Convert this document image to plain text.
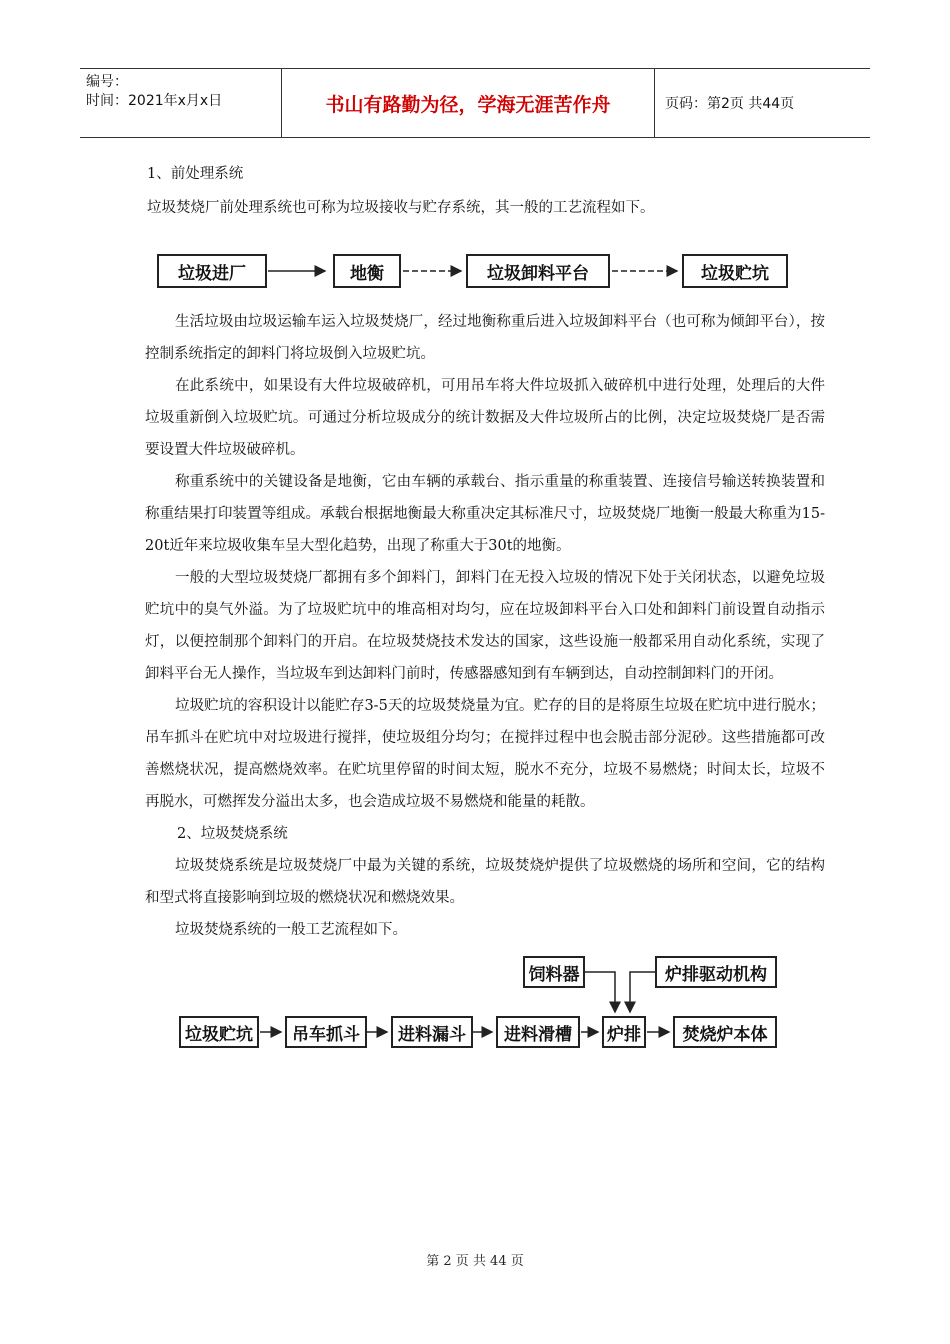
编号：
时间：2021年x月x日	书山有路勤为径，学海无涯苦作舟	页码：第2页 共44页

1、前处理系统

垃圾焚烧厂前处理系统也可称为垃圾接收与贮存系统，其一般的工艺流程如下。

垃圾进厂	地衡	垃圾卸料平台	垃圾贮坑

生活垃圾由垃圾运输车运入垃圾焚烧厂，经过地衡称重后进入垃圾卸料平台（也可称为倾卸平台），按控制系统指定的卸料门将垃圾倒入垃圾贮坑。

在此系统中，如果设有大件垃圾破碎机，可用吊车将大件垃圾抓入破碎机中进行处理，处理后的大件垃圾重新倒入垃圾贮坑。可通过分析垃圾成分的统计数据及大件垃圾所占的比例，决定垃圾焚烧厂是否需要设置大件垃圾破碎机。

称重系统中的关键设备是地衡，它由车辆的承载台、指示重量的称重装置、连接信号输送转换装置和称重结果打印装置等组成。承载台根据地衡最大称重决定其标准尺寸，垃圾焚烧厂地衡一般最大称重为15-20t近年来垃圾收集车呈大型化趋势，出现了称重大于30t的地衡。

一般的大型垃圾焚烧厂都拥有多个卸料门，卸料门在无投入垃圾的情况下处于关闭状态，以避免垃圾贮坑中的臭气外溢。为了垃圾贮坑中的堆高相对均匀，应在垃圾卸料平台入口处和卸料门前设置自动指示灯，以便控制那个卸料门的开启。在垃圾焚烧技术发达的国家，这些设施一般都采用自动化系统，实现了卸料平台无人操作，当垃圾车到达卸料门前时，传感器感知到有车辆到达，自动控制卸料门的开闭。

垃圾贮坑的容积设计以能贮存3-5天的垃圾焚烧量为宜。贮存的目的是将原生垃圾在贮坑中进行脱水；吊车抓斗在贮坑中对垃圾进行搅拌，使垃圾组分均匀；在搅拌过程中也会脱击部分泥砂。这些措施都可改善燃烧状况，提高燃烧效率。在贮坑里停留的时间太短，脱水不充分，垃圾不易燃烧；时间太长，垃圾不再脱水，可燃挥发分溢出太多，也会造成垃圾不易燃烧和能量的耗散。

2、垃圾焚烧系统

垃圾焚烧系统是垃圾焚烧厂中最为关键的系统，垃圾焚烧炉提供了垃圾燃烧的场所和空间，它的结构和型式将直接影响到垃圾的燃烧状况和燃烧效果。

垃圾焚烧系统的一般工艺流程如下。

饲料器	炉排驱动机构
垃圾贮坑	吊车抓斗	进料漏斗	进料滑槽	炉排	焚烧炉本体
第 2 页 共 44 页
